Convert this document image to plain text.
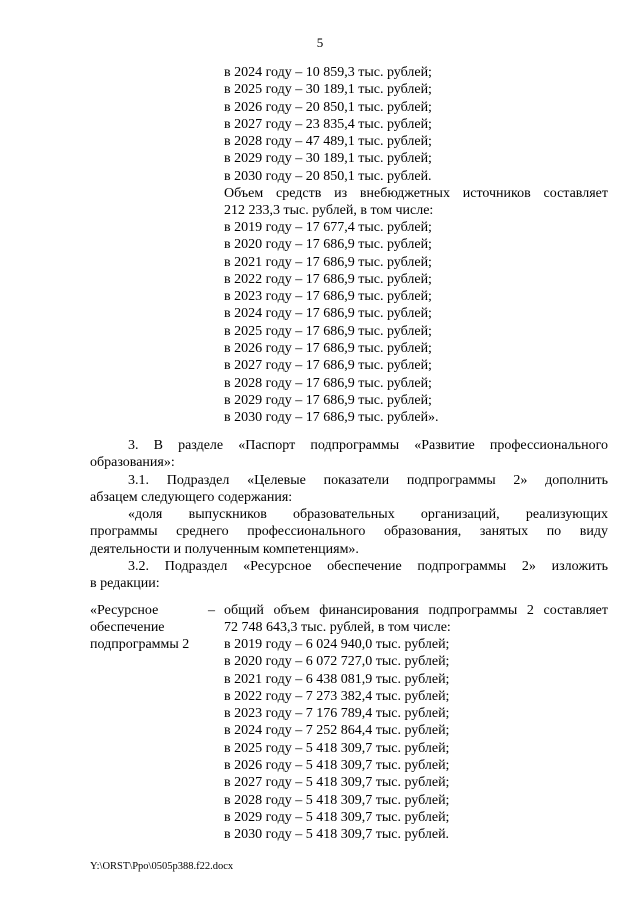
5
в 2024 году – 10 859,3 тыс. рублей;
в 2025 году – 30 189,1 тыс. рублей;
в 2026 году – 20 850,1 тыс. рублей;
в 2027 году – 23 835,4 тыс. рублей;
в 2028 году – 47 489,1 тыс. рублей;
в 2029 году – 30 189,1 тыс. рублей;
в 2030 году – 20 850,1 тыс. рублей.
Объем средств из внебюджетных источников составляет
212 233,3 тыс. рублей, в том числе:
в 2019 году – 17 677,4 тыс. рублей;
в 2020 году – 17 686,9 тыс. рублей;
в 2021 году – 17 686,9 тыс. рублей;
в 2022 году – 17 686,9 тыс. рублей;
в 2023 году – 17 686,9 тыс. рублей;
в 2024 году – 17 686,9 тыс. рублей;
в 2025 году – 17 686,9 тыс. рублей;
в 2026 году – 17 686,9 тыс. рублей;
в 2027 году – 17 686,9 тыс. рублей;
в 2028 году – 17 686,9 тыс. рублей;
в 2029 году – 17 686,9 тыс. рублей;
в 2030 году – 17 686,9 тыс. рублей».
3. В разделе «Паспорт подпрограммы «Развитие профессионального
образования»:
3.1. Подраздел «Целевые показатели подпрограммы 2» дополнить
абзацем следующего содержания:
«доля выпускников образовательных организаций, реализующих
программы среднего профессионального образования, занятых по виду
деятельности и полученным компетенциям».
3.2. Подраздел «Ресурсное обеспечение подпрограммы 2» изложить
в редакции:
«Ресурсное
обеспечение
подпрограммы 2
– общий объем финансирования подпрограммы 2 составляет
72 748 643,3 тыс. рублей, в том числе:
в 2019 году – 6 024 940,0 тыс. рублей;
в 2020 году – 6 072 727,0 тыс. рублей;
в 2021 году – 6 438 081,9 тыс. рублей;
в 2022 году – 7 273 382,4 тыс. рублей;
в 2023 году – 7 176 789,4 тыс. рублей;
в 2024 году – 7 252 864,4 тыс. рублей;
в 2025 году – 5 418 309,7 тыс. рублей;
в 2026 году – 5 418 309,7 тыс. рублей;
в 2027 году – 5 418 309,7 тыс. рублей;
в 2028 году – 5 418 309,7 тыс. рублей;
в 2029 году – 5 418 309,7 тыс. рублей;
в 2030 году – 5 418 309,7 тыс. рублей.
Y:\ORST\Ppo\0505p388.f22.docx
